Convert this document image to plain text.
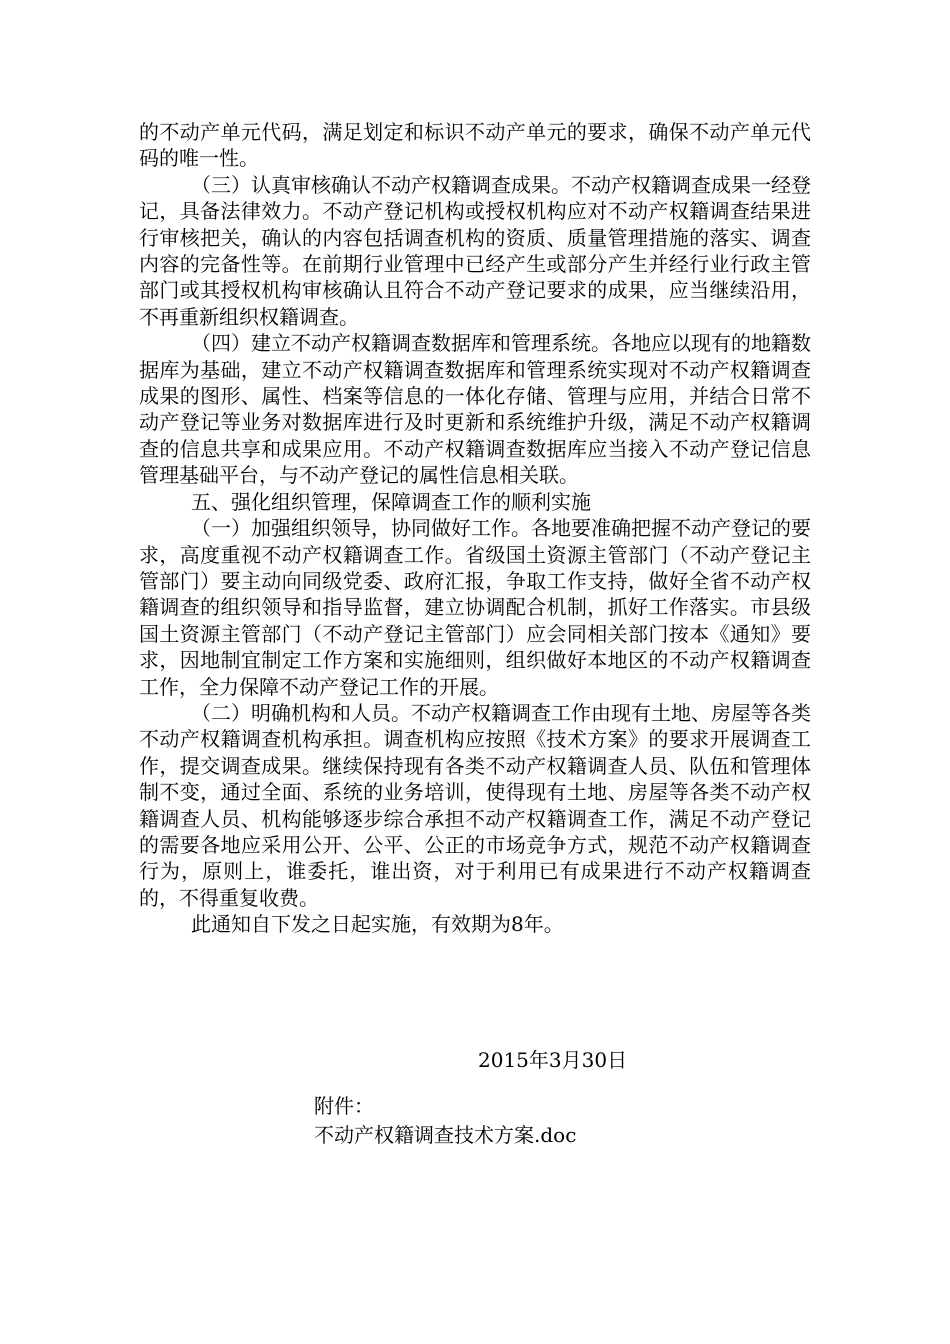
的不动产单元代码，满足划定和标识不动产单元的要求，确保不动产单元代码的唯一性。

（三）认真审核确认不动产权籍调查成果。不动产权籍调查成果一经登记，具备法律效力。不动产登记机构或授权机构应对不动产权籍调查结果进行审核把关，确认的内容包括调查机构的资质、质量管理措施的落实、调查内容的完备性等。在前期行业管理中已经产生或部分产生并经行业行政主管部门或其授权机构审核确认且符合不动产登记要求的成果，应当继续沿用，不再重新组织权籍调查。

（四）建立不动产权籍调查数据库和管理系统。各地应以现有的地籍数据库为基础，建立不动产权籍调查数据库和管理系统实现对不动产权籍调查成果的图形、属性、档案等信息的一体化存储、管理与应用，并结合日常不动产登记等业务对数据库进行及时更新和系统维护升级，满足不动产权籍调查的信息共享和成果应用。不动产权籍调查数据库应当接入不动产登记信息管理基础平台，与不动产登记的属性信息相关联。

五、强化组织管理，保障调查工作的顺利实施

（一）加强组织领导，协同做好工作。各地要准确把握不动产登记的要求，高度重视不动产权籍调查工作。省级国土资源主管部门（不动产登记主管部门）要主动向同级党委、政府汇报，争取工作支持，做好全省不动产权籍调查的组织领导和指导监督，建立协调配合机制，抓好工作落实。市县级国土资源主管部门（不动产登记主管部门）应会同相关部门按本《通知》要求，因地制宜制定工作方案和实施细则，组织做好本地区的不动产权籍调查工作，全力保障不动产登记工作的开展。

（二）明确机构和人员。不动产权籍调查工作由现有土地、房屋等各类不动产权籍调查机构承担。调查机构应按照《技术方案》的要求开展调查工作，提交调查成果。继续保持现有各类不动产权籍调查人员、队伍和管理体制不变，通过全面、系统的业务培训，使得现有土地、房屋等各类不动产权籍调查人员、机构能够逐步综合承担不动产权籍调查工作，满足不动产登记的需要各地应采用公开、公平、公正的市场竞争方式，规范不动产权籍调查行为，原则上，谁委托，谁出资，对于利用已有成果进行不动产权籍调查的，不得重复收费。

此通知自下发之日起实施，有效期为8年。

2015年3月30日
附件：
不动产权籍调查技术方案.doc
